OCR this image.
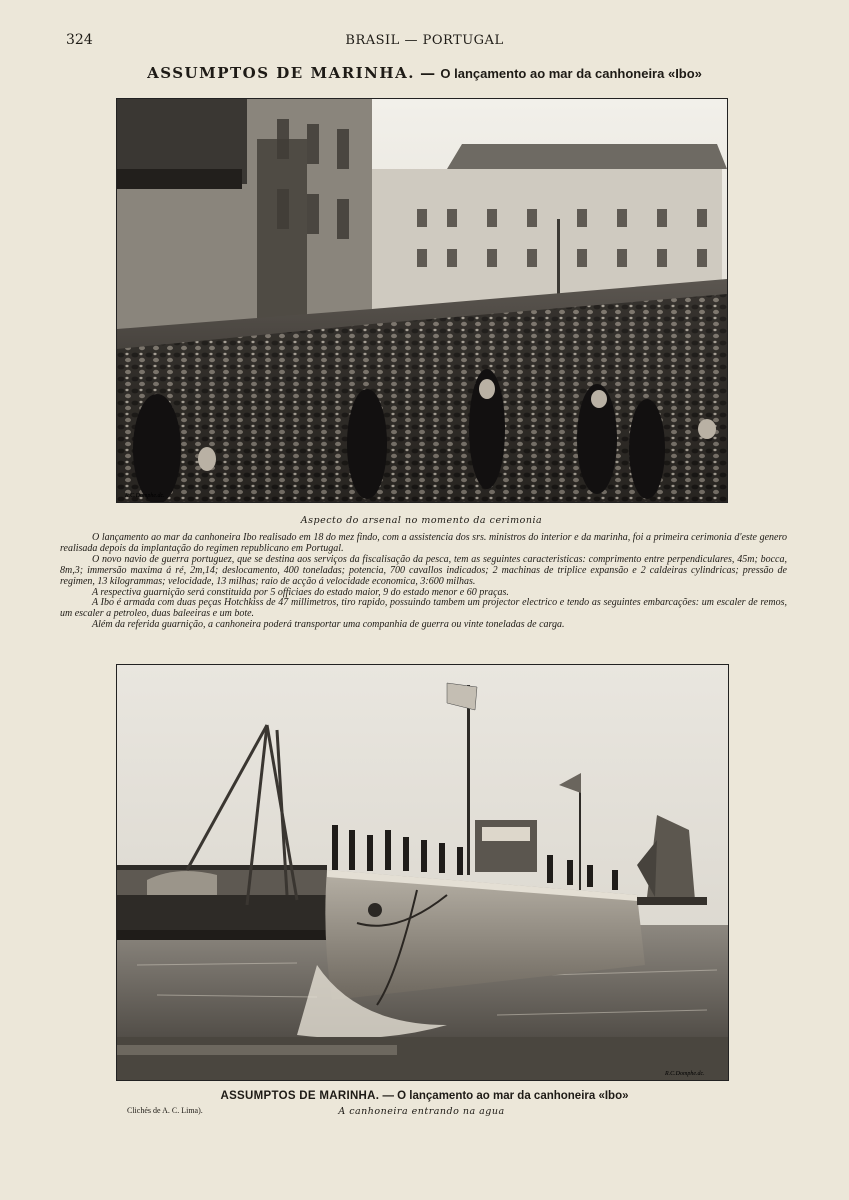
324	BRASIL — PORTUGAL
ASSUMPTOS DE MARINHA. — O lançamento ao mar da canhoneira «Ibo»
R.C.Domphe.dc.
Aspecto do arsenal no momento da cerimonia

O lançamento ao mar da canhoneira Ibo realisado em 18 do mez findo, com a assistencia dos srs. ministros do interior e da marinha, foi a primeira cerimonia d'este genero realisada depois da implantação do regimen republicano em Portugal.

O novo navio de guerra portuguez, que se destina aos serviços da fiscalisação da pesca, tem as seguintes caracteristicas: comprimento entre perpendiculares, 45m; bocca, 8m,3; immersão maxima á ré, 2m,14; deslocamento, 400 toneladas; potencia, 700 cavallos indicados; 2 machinas de triplice expansão e 2 caldeiras cylindricas; pressão de regimen, 13 kilogrammas; velocidade, 13 milhas; raio de acção á velocidade economica, 3:600 milhas.

A respectiva guarnição será constituida por 5 officiaes do estado maior, 9 do estado menor e 60 praças.

A Ibo é armada com duas peças Hotchkiss de 47 millimetros, tiro rapido, possuindo tambem um projector electrico e tendo as seguintes embarcações: um escaler de remos, um escaler a petroleo, duas baleeiras e um bote.

Além da referida guarnição, a canhoneira poderá transportar uma companhia de guerra ou vinte toneladas de carga.

R.C.Domphe.dc.
ASSUMPTOS DE MARINHA. — O lançamento ao mar da canhoneira «Ibo»
Clichés de A. C. Lima).	A canhoneira entrando na agua
